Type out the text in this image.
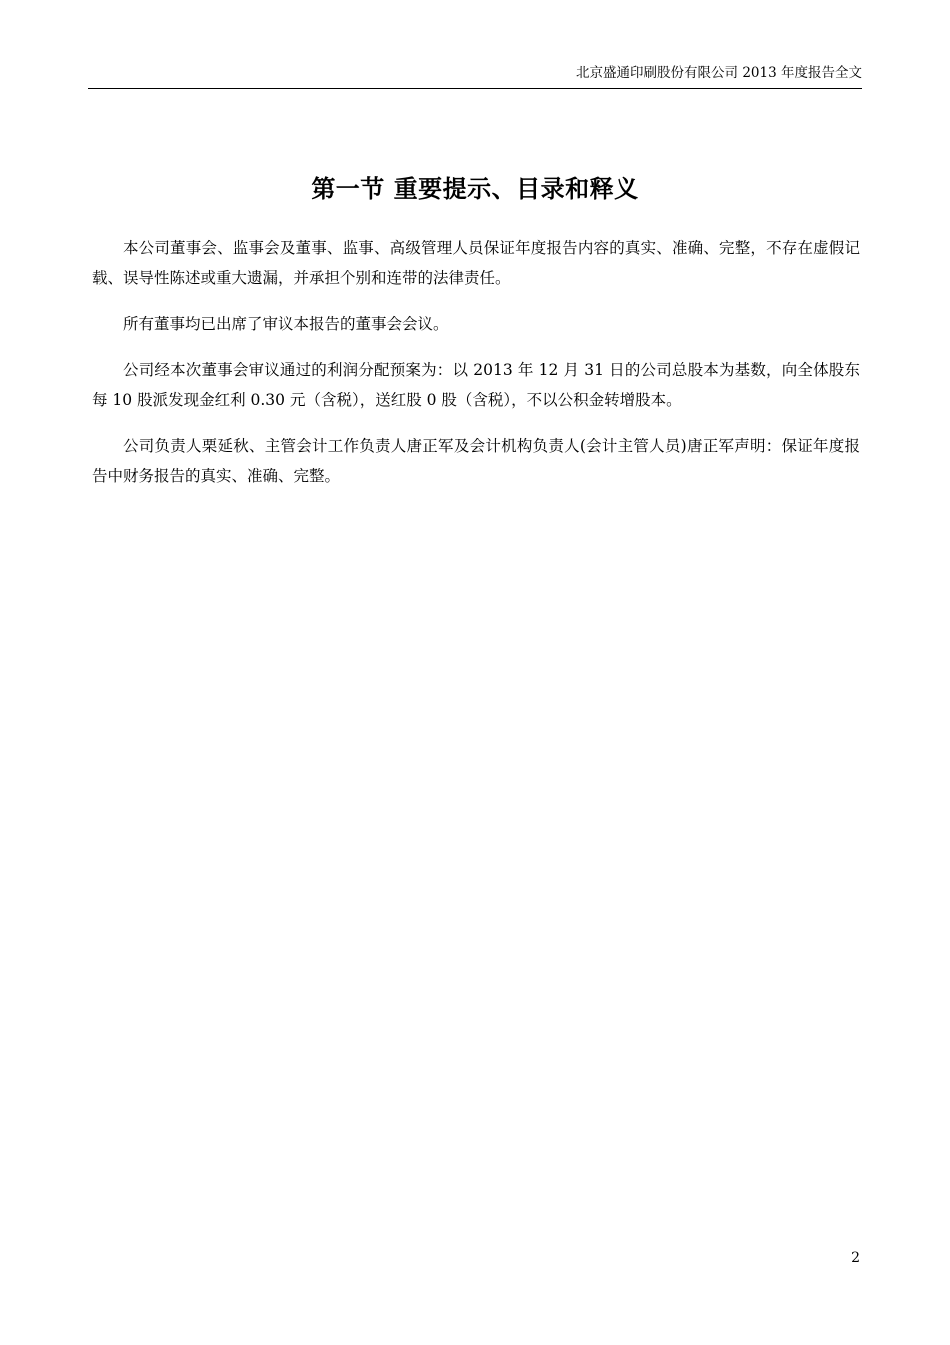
北京盛通印刷股份有限公司 2013 年度报告全文
第一节 重要提示、目录和释义

本公司董事会、监事会及董事、监事、高级管理人员保证年度报告内容的真实、准确、完整，不存在虚假记载、误导性陈述或重大遗漏，并承担个别和连带的法律责任。

所有董事均已出席了审议本报告的董事会会议。

公司经本次董事会审议通过的利润分配预案为：以 2013 年 12 月 31 日的公司总股本为基数，向全体股东每 10 股派发现金红利 0.30 元（含税），送红股 0 股（含税），不以公积金转增股本。

公司负责人栗延秋、主管会计工作负责人唐正军及会计机构负责人(会计主管人员)唐正军声明：保证年度报告中财务报告的真实、准确、完整。

2
